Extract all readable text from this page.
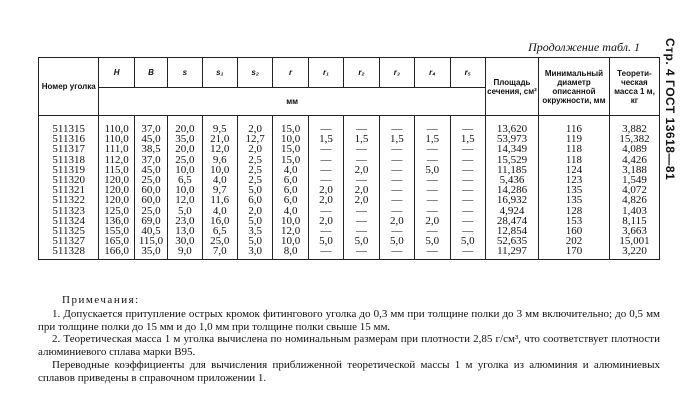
Стр. 4 ГОСТ 13618—81
Продолжение табл. 1
Номер уголка	H	B	s	s₁	s₂	r	r₁	r₂	r₃	r₄	r₅	Площадь сечения, см²	Минимальный диаметр описанной окружности, мм	Теоретическая масса 1 м, кг
	мм													
511315	110,0	37,0	20,0	9,5	2,0	15,0	—	—	—	—	—	13,620	116	3,882
511316	110,0	45,0	35,0	21,0	12,7	10,0	1,5	1,5	1,5	1,5	1,5	53,973	119	15,382
511317	111,0	38,5	20,0	12,0	2,0	15,0	—	—	—	—	—	14,349	118	4,089
511318	112,0	37,0	25,0	9,6	2,5	15,0	—	—	—	—	—	15,529	118	4,426
511319	115,0	45,0	10,0	10,0	2,5	4,0	—	2,0	—	5,0	—	11,185	124	3,188
511320	120,0	25,0	6,5	4,0	2,5	6,0	—	—	—	—	—	5,436	123	1,549
511321	120,0	60,0	10,0	9,7	5,0	6,0	2,0	2,0	—	—	—	14,286	135	4,072
511322	120,0	60,0	12,0	11,6	6,0	6,0	2,0	2,0	—	—	—	16,932	135	4,826
511323	125,0	25,0	5,0	4,0	2,0	4,0	—	—	—	—	—	4,924	128	1,403
511324	136,0	69,0	23,0	16,0	5,0	10,0	2,0	—	2,0	2,0	—	28,474	153	8,115
511325	155,0	40,5	13,0	6,5	3,5	12,0	—	—	—	—	—	12,854	160	3,663
511327	165,0	115,0	30,0	25,0	5,0	10,0	5,0	5,0	5,0	5,0	5,0	52,635	202	15,001
511328	166,0	35,0	9,0	7,0	3,0	8,0	—	—	—	—	—	11,297	170	3,220

Примечания:

1. Допускается притупление острых кромок фитингового уголка до 0,3 мм при толщине полки до 3 мм включительно; до 0,5 мм при толщине полки до 15 мм и до 1,0 мм при толщине полки свыше 15 мм.

2. Теоретическая масса 1 м уголка вычислена по номинальным размерам при плотности 2,85 г/см³, что соответствует плотности алюминиевого сплава марки В95.

Переводные коэффициенты для вычисления приближенной теоретической массы 1 м уголка из алюминия и алюминиевых сплавов приведены в справочном приложении 1.
